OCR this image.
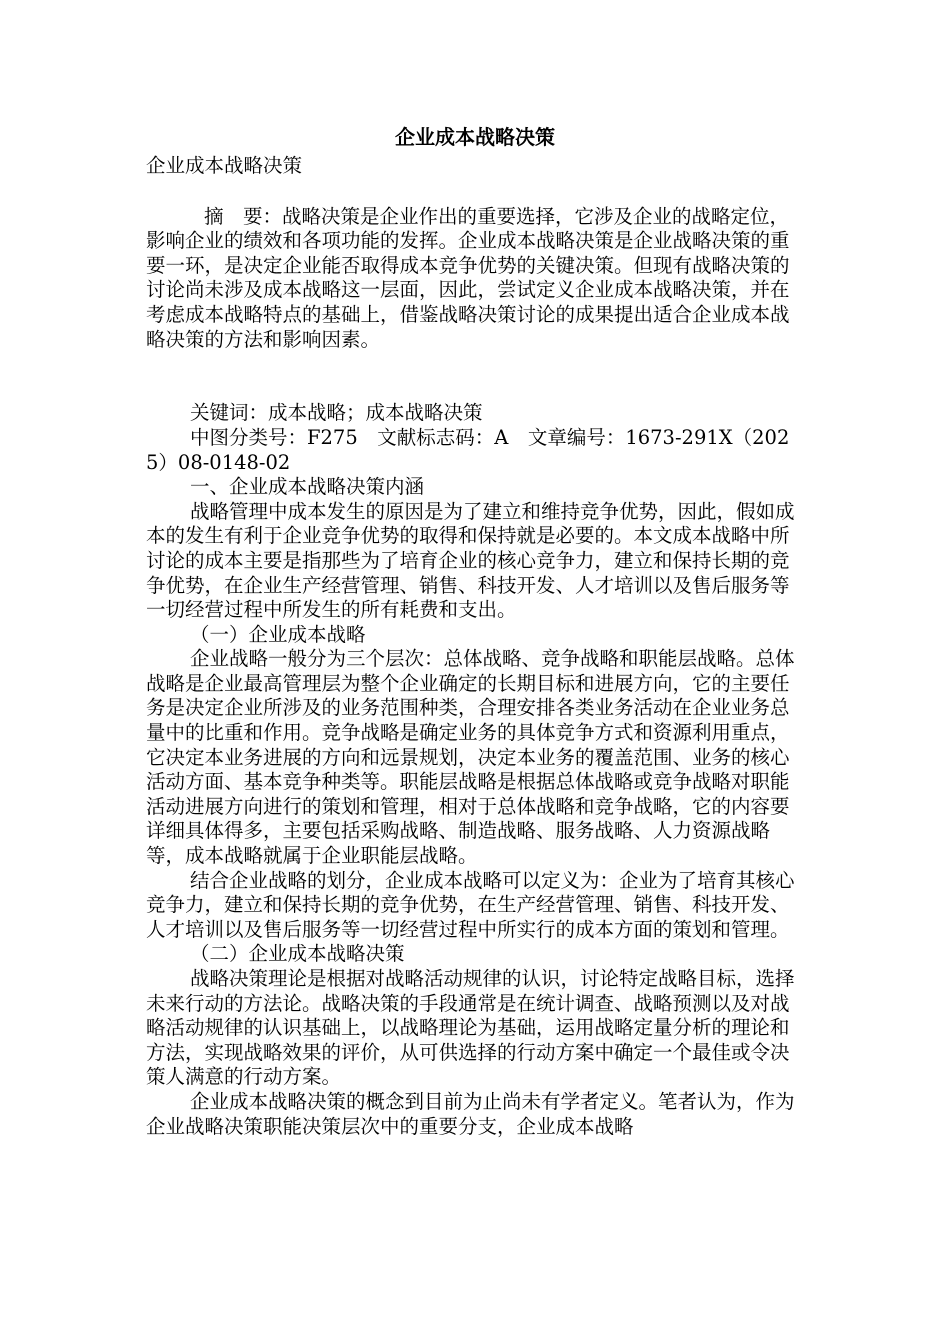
企业成本战略决策
企业成本战略决策

摘　要：战略决策是企业作出的重要选择，它涉及企业的战略定位，影响企业的绩效和各项功能的发挥。企业成本战略决策是企业战略决策的重要一环，是决定企业能否取得成本竞争优势的关键决策。但现有战略决策的讨论尚未涉及成本战略这一层面，因此，尝试定义企业成本战略决策，并在考虑成本战略特点的基础上，借鉴战略决策讨论的成果提出适合企业成本战略决策的方法和影响因素。

关键词：成本战略；成本战略决策

中图分类号：F275　文献标志码：A　文章编号：1673-291X（2025）08-0148-02

一、企业成本战略决策内涵

战略管理中成本发生的原因是为了建立和维持竞争优势，因此，假如成本的发生有利于企业竞争优势的取得和保持就是必要的。本文成本战略中所讨论的成本主要是指那些为了培育企业的核心竞争力，建立和保持长期的竞争优势，在企业生产经营管理、销售、科技开发、人才培训以及售后服务等一切经营过程中所发生的所有耗费和支出。

（一）企业成本战略

企业战略一般分为三个层次：总体战略、竞争战略和职能层战略。总体战略是企业最高管理层为整个企业确定的长期目标和进展方向，它的主要任务是决定企业所涉及的业务范围种类，合理安排各类业务活动在企业业务总量中的比重和作用。竞争战略是确定业务的具体竞争方式和资源利用重点，它决定本业务进展的方向和远景规划，决定本业务的覆盖范围、业务的核心活动方面、基本竞争种类等。职能层战略是根据总体战略或竞争战略对职能活动进展方向进行的策划和管理，相对于总体战略和竞争战略，它的内容要详细具体得多，主要包括采购战略、制造战略、服务战略、人力资源战略等，成本战略就属于企业职能层战略。

结合企业战略的划分，企业成本战略可以定义为：企业为了培育其核心竞争力，建立和保持长期的竞争优势，在生产经营管理、销售、科技开发、人才培训以及售后服务等一切经营过程中所实行的成本方面的策划和管理。

（二）企业成本战略决策

战略决策理论是根据对战略活动规律的认识，讨论特定战略目标，选择未来行动的方法论。战略决策的手段通常是在统计调查、战略预测以及对战略活动规律的认识基础上，以战略理论为基础，运用战略定量分析的理论和方法，实现战略效果的评价，从可供选择的行动方案中确定一个最佳或令决策人满意的行动方案。

企业成本战略决策的概念到目前为止尚未有学者定义。笔者认为，作为企业战略决策职能决策层次中的重要分支，企业成本战略
